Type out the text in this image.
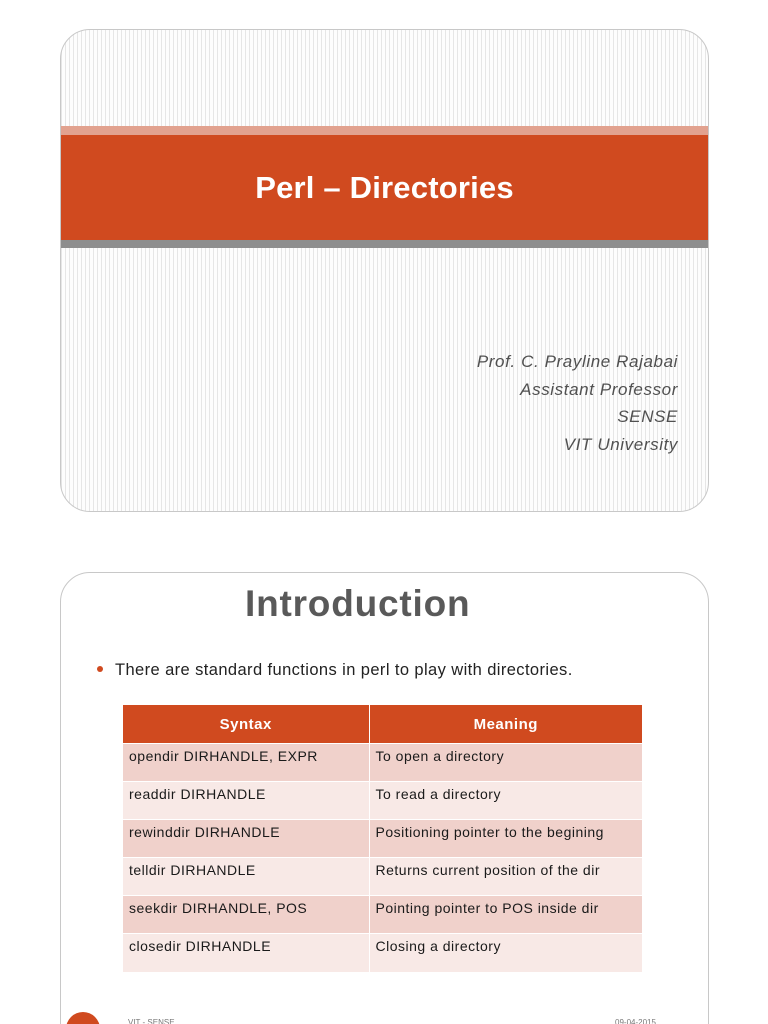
Perl – Directories
Prof. C. Prayline Rajabai
Assistant Professor
SENSE
VIT University
Introduction
There are standard functions in perl to play with directories.
Syntax	Meaning
opendir DIRHANDLE, EXPR	To open a directory
readdir DIRHANDLE	To read a directory
rewinddir DIRHANDLE	Positioning pointer to the begining
telldir DIRHANDLE	Returns current position of the dir
seekdir DIRHANDLE, POS	Pointing pointer to POS inside dir
closedir DIRHANDLE	Closing a directory
VIT - SENSE	09-04-2015
